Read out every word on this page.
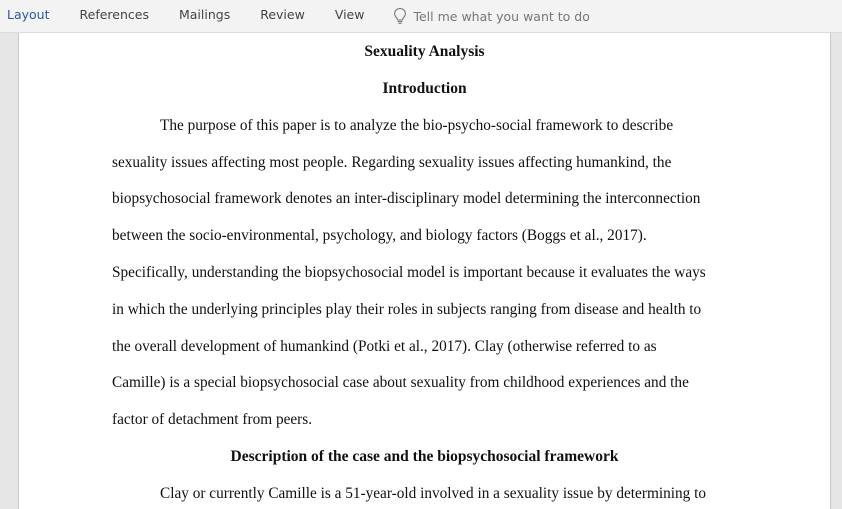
Layout	References	Mailings	Review	View	Tell me what you want to do
Sexuality Analysis
Introduction
The purpose of this paper is to analyze the bio-psycho-social framework to describe
sexuality issues affecting most people. Regarding sexuality issues affecting humankind, the
biopsychosocial framework denotes an inter-disciplinary model determining the interconnection
between the socio-environmental, psychology, and biology factors (Boggs et al., 2017).
Specifically, understanding the biopsychosocial model is important because it evaluates the ways
in which the underlying principles play their roles in subjects ranging from disease and health to
the overall development of humankind (Potki et al., 2017). Clay (otherwise referred to as
Camille) is a special biopsychosocial case about sexuality from childhood experiences and the
factor of detachment from peers.
Description of the case and the biopsychosocial framework
Clay or currently Camille is a 51-year-old involved in a sexuality issue by determining to
